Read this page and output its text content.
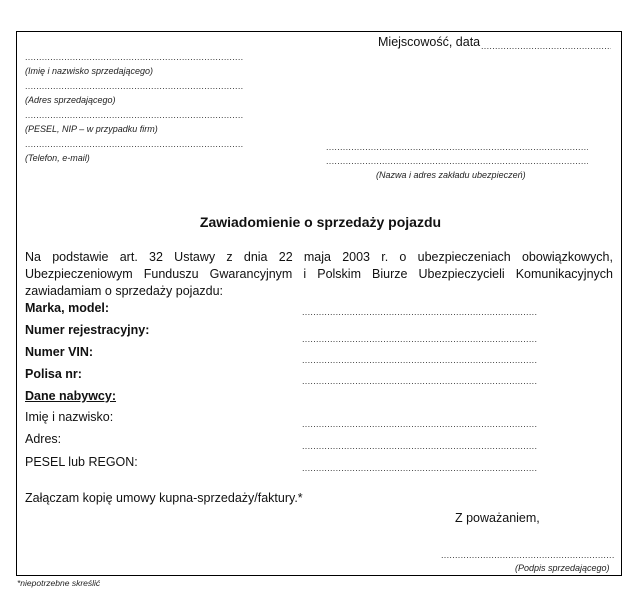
Miejscowość, data
.....
.....
(Imię i nazwisko sprzedającego)
.....
(Adres sprzedającego)
.....
(PESEL, NIP – w przypadku firm)
.....
(Telefon, e-mail)
.....
.....
(Nazwa i adres zakładu ubezpieczeń)
Zawiadomienie o sprzedaży pojazdu
Na podstawie art. 32 Ustawy z dnia 22 maja 2003 r. o ubezpieczeniach obowiązkowych, Ubezpieczeniowym Funduszu Gwarancyjnym i Polskim Biurze Ubezpieczycieli Komunikacyjnych zawiadamiam o sprzedaży pojazdu:
Marka, model:
.....
Numer rejestracyjny:
.....
Numer VIN:
.....
Polisa nr:
.....
Dane nabywcy:
Imię i nazwisko:
.....
Adres:
.....
PESEL lub REGON:
.....
Załączam kopię umowy kupna-sprzedaży/faktury.*
Z poważaniem,
.....
(Podpis sprzedającego)
*niepotrzebne skreślić
